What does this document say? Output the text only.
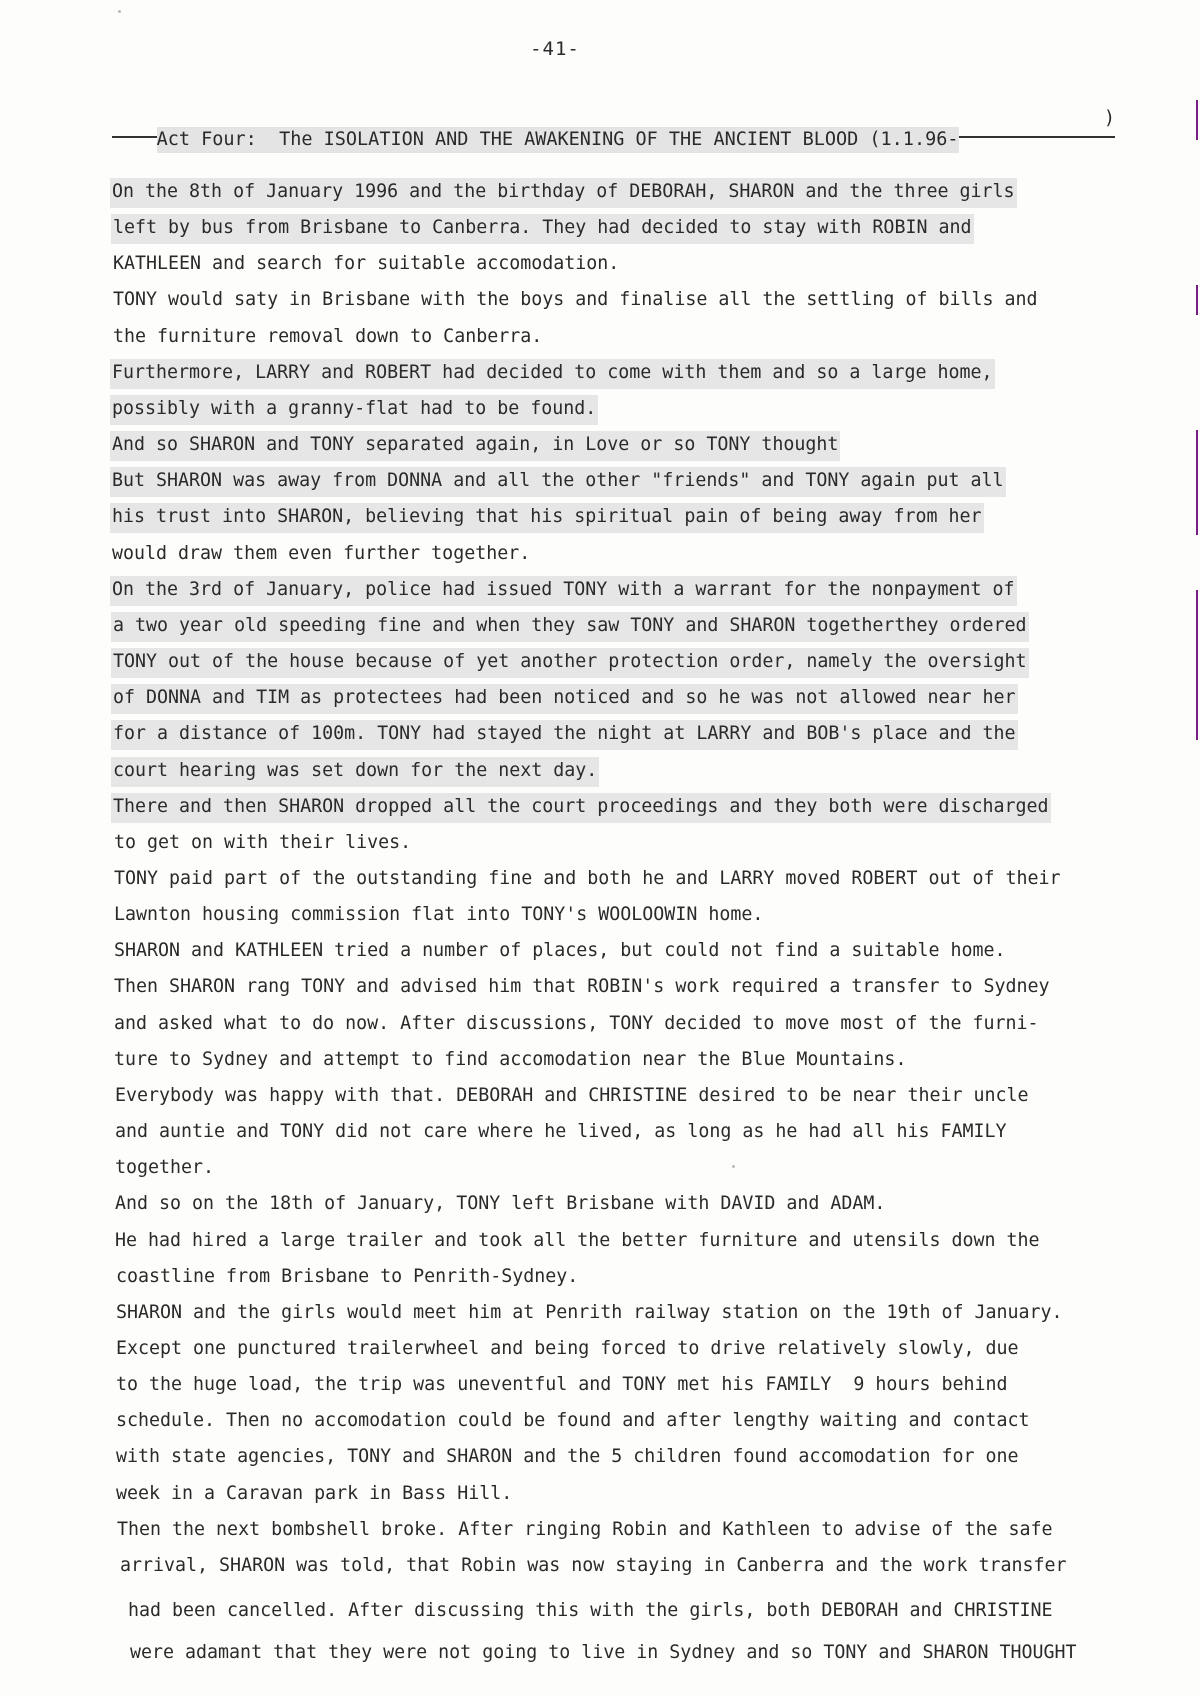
-41-

Act Four:  The ISOLATION AND THE AWAKENING OF THE ANCIENT BLOOD (1.1.96-

)

On the 8th of January 1996 and the birthday of DEBORAH, SHARON and the three girls
left by bus from Brisbane to Canberra. They had decided to stay with ROBIN and
KATHLEEN and search for suitable accomodation.
TONY would saty in Brisbane with the boys and finalise all the settling of bills and
the furniture removal down to Canberra.
Furthermore, LARRY and ROBERT had decided to come with them and so a large home,
possibly with a granny-flat had to be found.
And so SHARON and TONY separated again, in Love or so TONY thought
But SHARON was away from DONNA and all the other "friends" and TONY again put all
his trust into SHARON, believing that his spiritual pain of being away from her
would draw them even further together.
On the 3rd of January, police had issued TONY with a warrant for the nonpayment of
a two year old speeding fine and when they saw TONY and SHARON togetherthey ordered
TONY out of the house because of yet another protection order, namely the oversight
of DONNA and TIM as protectees had been noticed and so he was not allowed near her
for a distance of 100m. TONY had stayed the night at LARRY and BOB's place and the
court hearing was set down for the next day.
There and then SHARON dropped all the court proceedings and they both were discharged
to get on with their lives.
TONY paid part of the outstanding fine and both he and LARRY moved ROBERT out of their
Lawnton housing commission flat into TONY's WOOLOOWIN home.
SHARON and KATHLEEN tried a number of places, but could not find a suitable home.
Then SHARON rang TONY and advised him that ROBIN's work required a transfer to Sydney
and asked what to do now. After discussions, TONY decided to move most of the furni-
ture to Sydney and attempt to find accomodation near the Blue Mountains.
Everybody was happy with that. DEBORAH and CHRISTINE desired to be near their uncle
and auntie and TONY did not care where he lived, as long as he had all his FAMILY
together.
And so on the 18th of January, TONY left Brisbane with DAVID and ADAM.
He had hired a large trailer and took all the better furniture and utensils down the
coastline from Brisbane to Penrith-Sydney.
SHARON and the girls would meet him at Penrith railway station on the 19th of January.
Except one punctured trailerwheel and being forced to drive relatively slowly, due
to the huge load, the trip was uneventful and TONY met his FAMILY  9 hours behind
schedule. Then no accomodation could be found and after lengthy waiting and contact
with state agencies, TONY and SHARON and the 5 children found accomodation for one
week in a Caravan park in Bass Hill.
Then the next bombshell broke. After ringing Robin and Kathleen to advise of the safe
arrival, SHARON was told, that Robin was now staying in Canberra and the work transfer
had been cancelled. After discussing this with the girls, both DEBORAH and CHRISTINE
were adamant that they were not going to live in Sydney and so TONY and SHARON THOUGHT
